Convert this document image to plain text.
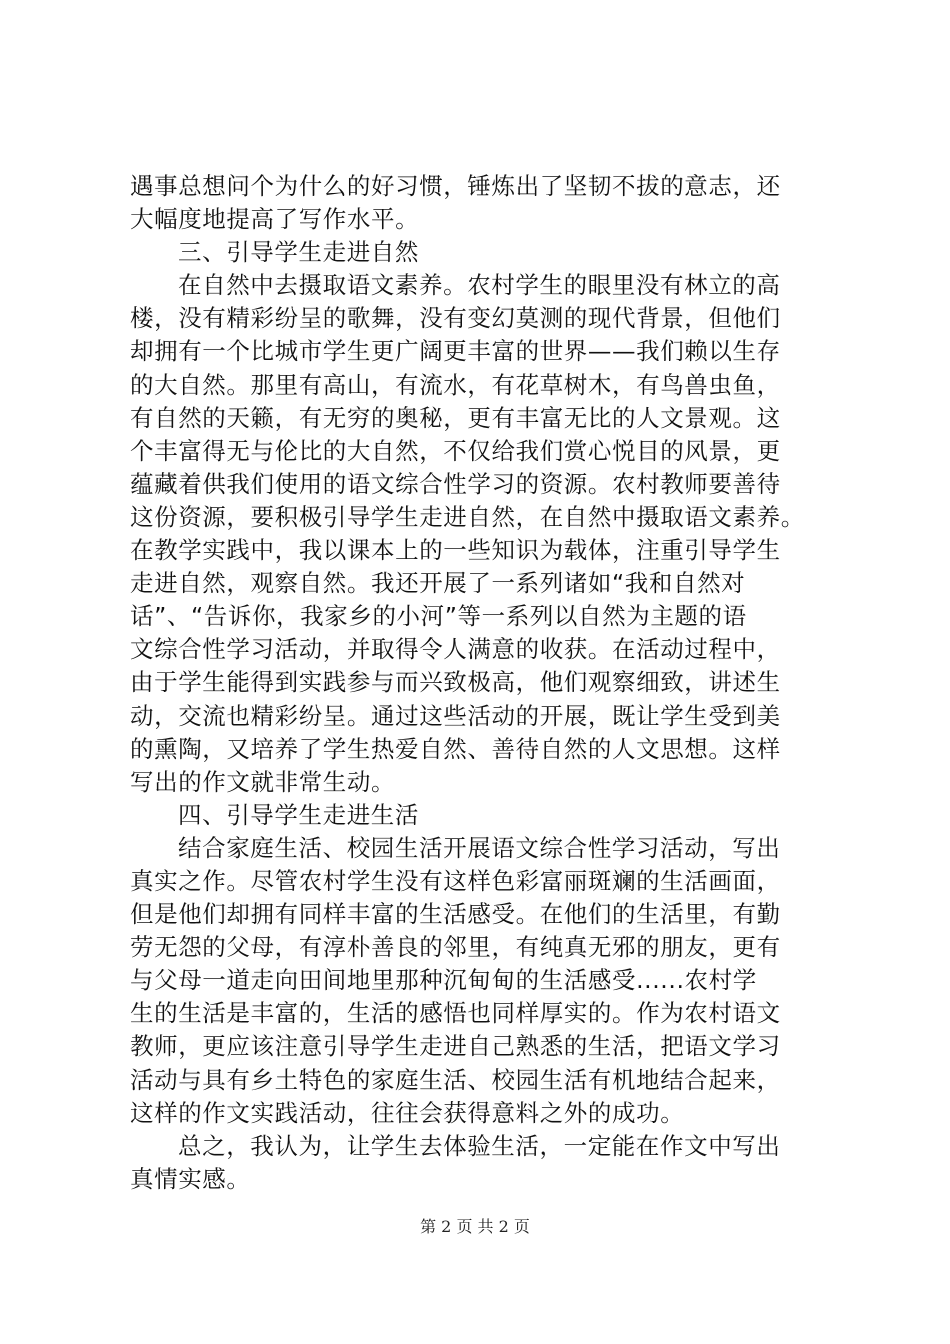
遇事总想问个为什么的好习惯，锤炼出了坚韧不拔的意志，还
大幅度地提高了写作水平。
三、引导学生走进自然
在自然中去摄取语文素养。农村学生的眼里没有林立的高
楼，没有精彩纷呈的歌舞，没有变幻莫测的现代背景，但他们
却拥有一个比城市学生更广阔更丰富的世界——我们赖以生存
的大自然。那里有高山，有流水，有花草树木，有鸟兽虫鱼，
有自然的天籁，有无穷的奥秘，更有丰富无比的人文景观。这
个丰富得无与伦比的大自然，不仅给我们赏心悦目的风景，更
蕴藏着供我们使用的语文综合性学习的资源。农村教师要善待
这份资源，要积极引导学生走进自然，在自然中摄取语文素养。
在教学实践中，我以课本上的一些知识为载体，注重引导学生
走进自然，观察自然。我还开展了一系列诸如“我和自然对
话”、“告诉你，我家乡的小河”等一系列以自然为主题的语
文综合性学习活动，并取得令人满意的收获。在活动过程中，
由于学生能得到实践参与而兴致极高，他们观察细致，讲述生
动，交流也精彩纷呈。通过这些活动的开展，既让学生受到美
的熏陶，又培养了学生热爱自然、善待自然的人文思想。这样
写出的作文就非常生动。
四、引导学生走进生活
结合家庭生活、校园生活开展语文综合性学习活动，写出
真实之作。尽管农村学生没有这样色彩富丽斑斓的生活画面，
但是他们却拥有同样丰富的生活感受。在他们的生活里，有勤
劳无怨的父母，有淳朴善良的邻里，有纯真无邪的朋友，更有
与父母一道走向田间地里那种沉甸甸的生活感受......农村学
生的生活是丰富的，生活的感悟也同样厚实的。作为农村语文
教师，更应该注意引导学生走进自己熟悉的生活，把语文学习
活动与具有乡土特色的家庭生活、校园生活有机地结合起来，
这样的作文实践活动，往往会获得意料之外的成功。
总之，我认为，让学生去体验生活，一定能在作文中写出
真情实感。
第 2 页 共 2 页
